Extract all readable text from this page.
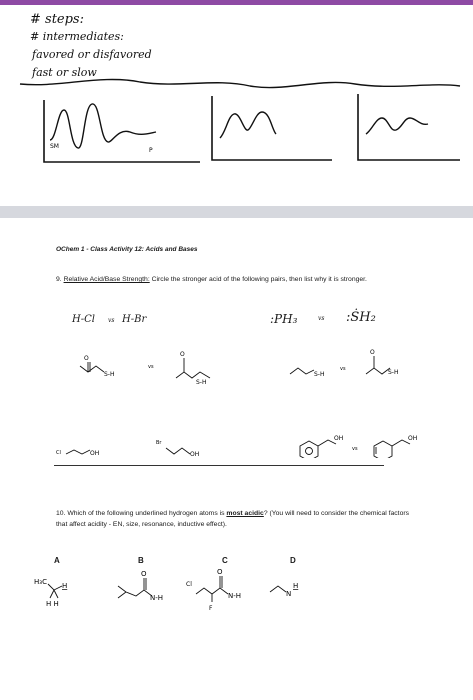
# steps:
# intermediates:
favored or disfavored
fast or slow
SM
P
OChem 1 - Class Activity 12: Acids and Bases
9. Relative Acid/Base Strength: Circle the stronger acid of the following pairs, then list why it is stronger.
H-Cl vs H-Br	:PH₃	vs :ṠH₂
O
S-H
vs
O
S-H
S-H
vs
O
S-H
Cl	OH
Br
OH
OH
vs
OH
10. Which of the following underlined hydrogen atoms is most acidic? (You will need to consider the chemical factors that affect acidity - EN, size, resonance, inductive effect).
A	B	C	D
H₃C H
H H
O
N-H
Cl
O
F
N-H	N
H
